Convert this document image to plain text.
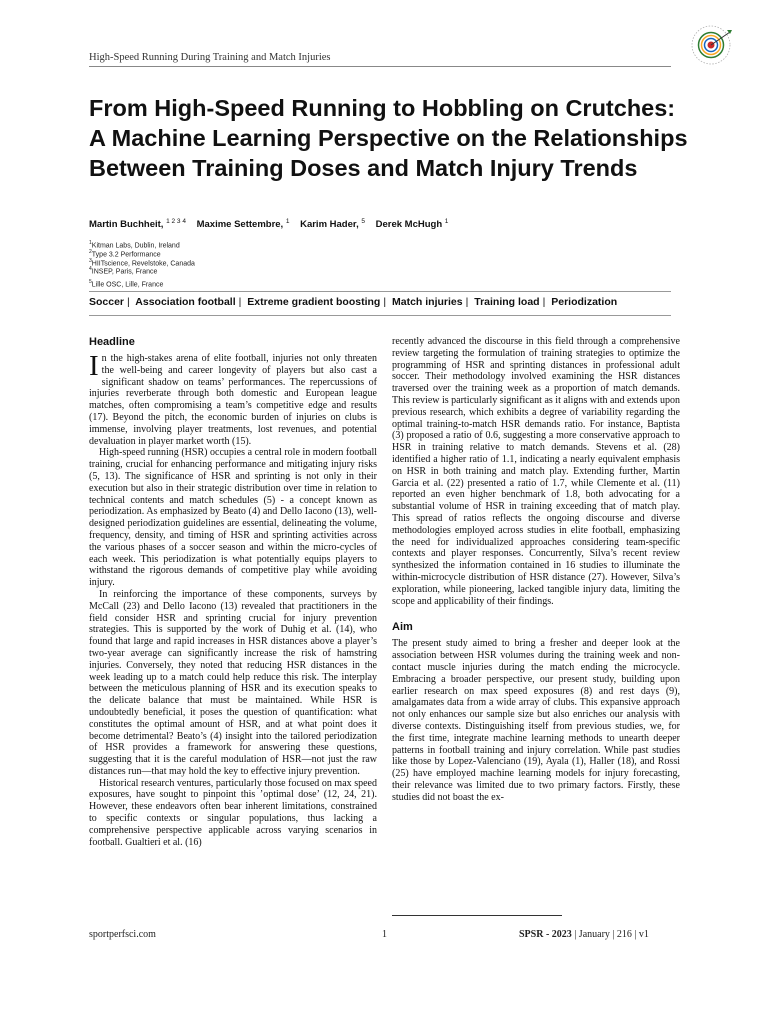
High-Speed Running During Training and Match Injuries
From High-Speed Running to Hobbling on Crutches: A Machine Learning Perspective on the Relationships Between Training Doses and Match Injury Trends
Martin Buchheit, $^{1 2 3 4}$ Maxime Settembre, $^1$ Karim Hader, $^5$ Derek McHugh $^1$
$^1$Kitman Labs, Dublin, Ireland
$^2$Type 3.2 Performance
$^3$HIITscience, Revelstoke, Canada
$^4$INSEP, Paris, France
$^5$Lille OSC, Lille, France
Soccer | Association football | Extreme gradient boosting | Match injuries | Training load | Periodization
Headline

In the high-stakes arena of elite football, injuries not only threaten the well-being and career longevity of players but also cast a significant shadow on teams’ performances. The repercussions of injuries reverberate through both domestic and European league matches, often compromising a team’s competitive edge and results (17). Beyond the pitch, the economic burden of injuries on clubs is immense, involving player treatments, lost revenues, and potential devaluation in player market worth (15).

High-speed running (HSR) occupies a central role in modern football training, crucial for enhancing performance and mitigating injury risks (5, 13). The significance of HSR and sprinting is not only in their execution but also in their strategic distribution over time in relation to technical contents and match schedules (5) - a concept known as periodization. As emphasized by Beato (4) and Dello Iacono (13), well-designed periodization guidelines are essential, delineating the volume, frequency, density, and timing of HSR and sprinting activities across the various phases of a soccer season and within the micro-cycles of each week. This periodization is what potentially equips players to withstand the rigorous demands of competitive play while avoiding injury.

In reinforcing the importance of these components, surveys by McCall (23) and Dello Iacono (13) revealed that practitioners in the field consider HSR and sprinting crucial for injury prevention strategies. This is supported by the work of Duhig et al. (14), who found that large and rapid increases in HSR distances above a player’s two-year average can significantly increase the risk of hamstring injuries. Conversely, they noted that reducing HSR distances in the week leading up to a match could help reduce this risk. The interplay between the meticulous planning of HSR and its execution speaks to the delicate balance that must be maintained. While HSR is undoubtedly beneficial, it poses the question of quantification: what constitutes the optimal amount of HSR, and at what point does it become detrimental? Beato’s (4) insight into the tailored periodization of HSR provides a framework for answering these questions, suggesting that it is the careful modulation of HSR—not just the raw distances run—that may hold the key to effective injury prevention.

Historical research ventures, particularly those focused on max speed exposures, have sought to pinpoint this ’optimal dose’ (12, 24, 21). However, these endeavors often bear inherent limitations, constrained to specific contexts or singular populations, thus lacking a comprehensive perspective applicable across varying scenarios in football. Gualtieri et al. (16)

recently advanced the discourse in this field through a comprehensive review targeting the formulation of training strategies to optimize the programming of HSR and sprinting distances in professional adult soccer. Their methodology involved examining the HSR distances traversed over the training week as a proportion of match demands. This review is particularly significant as it aligns with and extends upon previous research, which exhibits a degree of variability regarding the optimal training-to-match HSR demands ratio. For instance, Baptista (3) proposed a ratio of 0.6, suggesting a more conservative approach to HSR in training relative to match demands. Stevens et al. (28) identified a higher ratio of 1.1, indicating a nearly equivalent emphasis on HSR in both training and match play. Extending further, Martin Garcia et al. (22) presented a ratio of 1.7, while Clemente et al. (11) reported an even higher benchmark of 1.8, both advocating for a substantial volume of HSR in training exceeding that of match play. This spread of ratios reflects the ongoing discourse and diverse methodologies employed across studies in elite football, emphasizing the need for individualized approaches considering team-specific contexts and player responses. Concurrently, Silva’s recent review synthesized the information contained in 16 studies to illuminate the within-microcycle distribution of HSR distance (27). However, Silva’s exploration, while pioneering, lacked tangible injury data, limiting the scope and applicability of their findings.

Aim

The present study aimed to bring a fresher and deeper look at the association between HSR volumes during the training week and non-contact muscle injuries during the match ending the microcycle. Embracing a broader perspective, our present study, building upon earlier research on max speed exposures (8) and rest days (9), amalgamates data from a wide array of clubs. This expansive approach not only enhances our sample size but also enriches our analysis with diverse contexts. Distinguishing itself from previous studies, we, for the first time, integrate machine learning methods to unearth deeper patterns in football training and injury correlation. While past studies like those by Lopez-Valenciano (19), Ayala (1), Haller (18), and Rossi (25) have employed machine learning models for injury forecasting, their relevance was limited due to two primary factors. Firstly, these studies did not boast the ex-

sportperfsci.com	1	SPSR - 2023 | January | 216 | v1
